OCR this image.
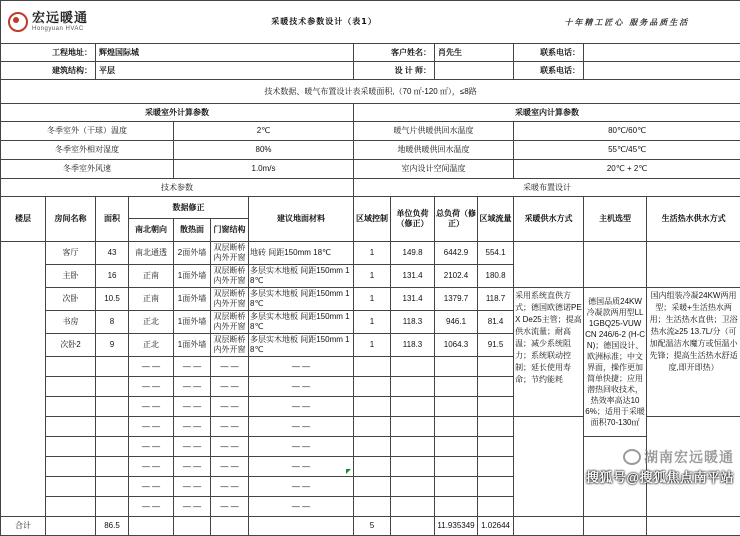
宏远暖通
Hongyuan HVAC		采暖技术参数设计（表1）									十年精工匠心 服务品质生活		
工程地址：		辉煌国际城					客户姓名：		肖先生		联系电话：		
建筑结构：		平层					设 计 师：				联系电话：		
技术数据、暖气布置设计表采暖面积,（70 ㎡-120 ㎡），≤8路													
采暖室外计算参数							采暖室内计算参数						
冬季室外（干球）温度				2℃			暖气片供暖供回水温度				80℃/60℃		
冬季室外相对湿度				80%			地暖供暖供回水温度				55℃/45℃		
冬季室外风速				1.0m/s			室内设计空间温度				20℃ + 2℃		
技术参数							采暖布置设计						
楼层	房间名称	面积	数据修正			建议地面材料	区域控制	单位负荷（修正）	总负荷（修正）	区域流量	采暖供水方式	主机选型	生活热水供水方式
			南北朝向	散热面	门窗结构								
	客厅	43	南北通透	2面外墙	双层断桥内外开窗	地砖 间距150mm 18℃	1	149.8	6442.9	554.1			
	主卧	16	正南	1面外墙	双层断桥内外开窗	多层实木地板 间距150mm 18℃	1	131.4	2102.4	180.8			
	次卧	10.5	正南	1面外墙	双层断桥内外开窗	多层实木地板 间距150mm 18℃	1	131.4	1379.7	118.7	采用系统直供方式；德国欧德诺PEX De25主管；提高供水流量；耐高温；减少系统阻力；系统联动控制；延长使用寿命；节约能耗	德国品质24KW冷凝款两用型LL1GBQ25-VUW CN 246/6-2 (H-CN)；德国设计、欧洲标准；中文界面，操作更加简单快捷；应用潜热回收技术，热效率高达106%；适用于采暖面积70-130㎡	国内组装冷凝24KW两用型；采暖+生活热水两用；生活热水直供；卫浴热水流≥25 13.7L/分（可加配温洁水魔方或恒温小先锋；提高生活热水舒适度,即开即热）
	书房	8	正北	1面外墙	双层断桥内外开窗	多层实木地板 间距150mm 18℃	1	118.3	946.1	81.4			
	次卧2	9	正北	1面外墙	双层断桥内外开窗	多层实木地板 间距150mm 18℃	1	118.3	1064.3	91.5			
			— —	— —	— —	— —							
			— —	— —	— —	— —							
			— —	— —	— —	— —							
			— —	— —	— —	— —							
			— —	— —	— —	— —							
			— —	— —	— —	— —							
			— —	— —	— —	— —							
			— —	— —	— —	— —							
合计		86.5					5		11.935349	1.02644			
湖南宏远暖通
搜狐号@搜狐焦点南平站
